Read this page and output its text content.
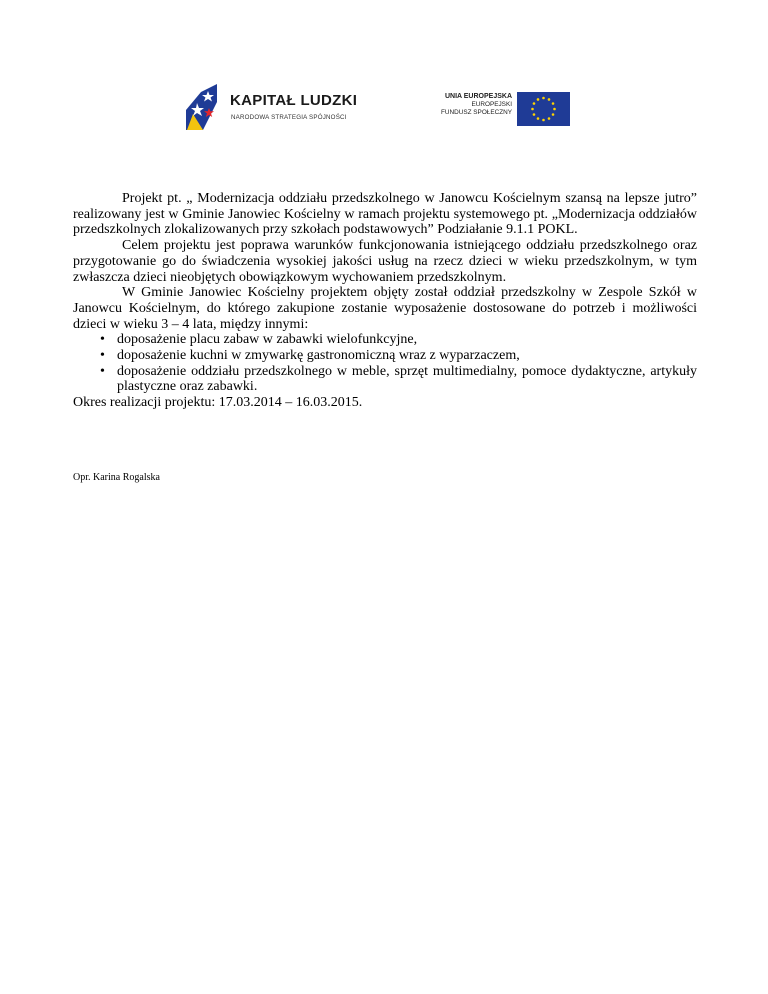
KAPITAŁ LUDZKI
NARODOWA STRATEGIA SPÓJNOŚCI
UNIA EUROPEJSKA
EUROPEJSKI
FUNDUSZ SPOŁECZNY

Projekt pt. „ Modernizacja oddziału przedszkolnego w Janowcu Kościelnym szansą na lepsze jutro” realizowany jest w Gminie Janowiec Kościelny w ramach projektu systemowego pt. „Modernizacja oddziałów przedszkolnych zlokalizowanych przy szkołach podstawowych” Podziałanie 9.1.1 POKL.

Celem projektu jest poprawa warunków funkcjonowania istniejącego oddziału przedszkolnego oraz przygotowanie go do świadczenia wysokiej jakości usług na rzecz dzieci w wieku przedszkolnym, w tym zwłaszcza dzieci nieobjętych obowiązkowym wychowaniem przedszkolnym.

W Gminie Janowiec Kościelny projektem objęty został oddział przedszkolny w Zespole Szkół w Janowcu Kościelnym, do którego zakupione zostanie wyposażenie dostosowane do potrzeb i możliwości dzieci w wieku 3 – 4 lata, między innymi:

• doposażenie placu zabaw w zabawki wielofunkcyjne,
• doposażenie kuchni w zmywarkę gastronomiczną wraz z wyparzaczem,
• doposażenie oddziału przedszkolnego w meble, sprzęt multimedialny, pomoce dydaktyczne, artykuły plastyczne oraz zabawki.

Okres realizacji projektu: 17.03.2014 – 16.03.2015.

Opr. Karina Rogalska
